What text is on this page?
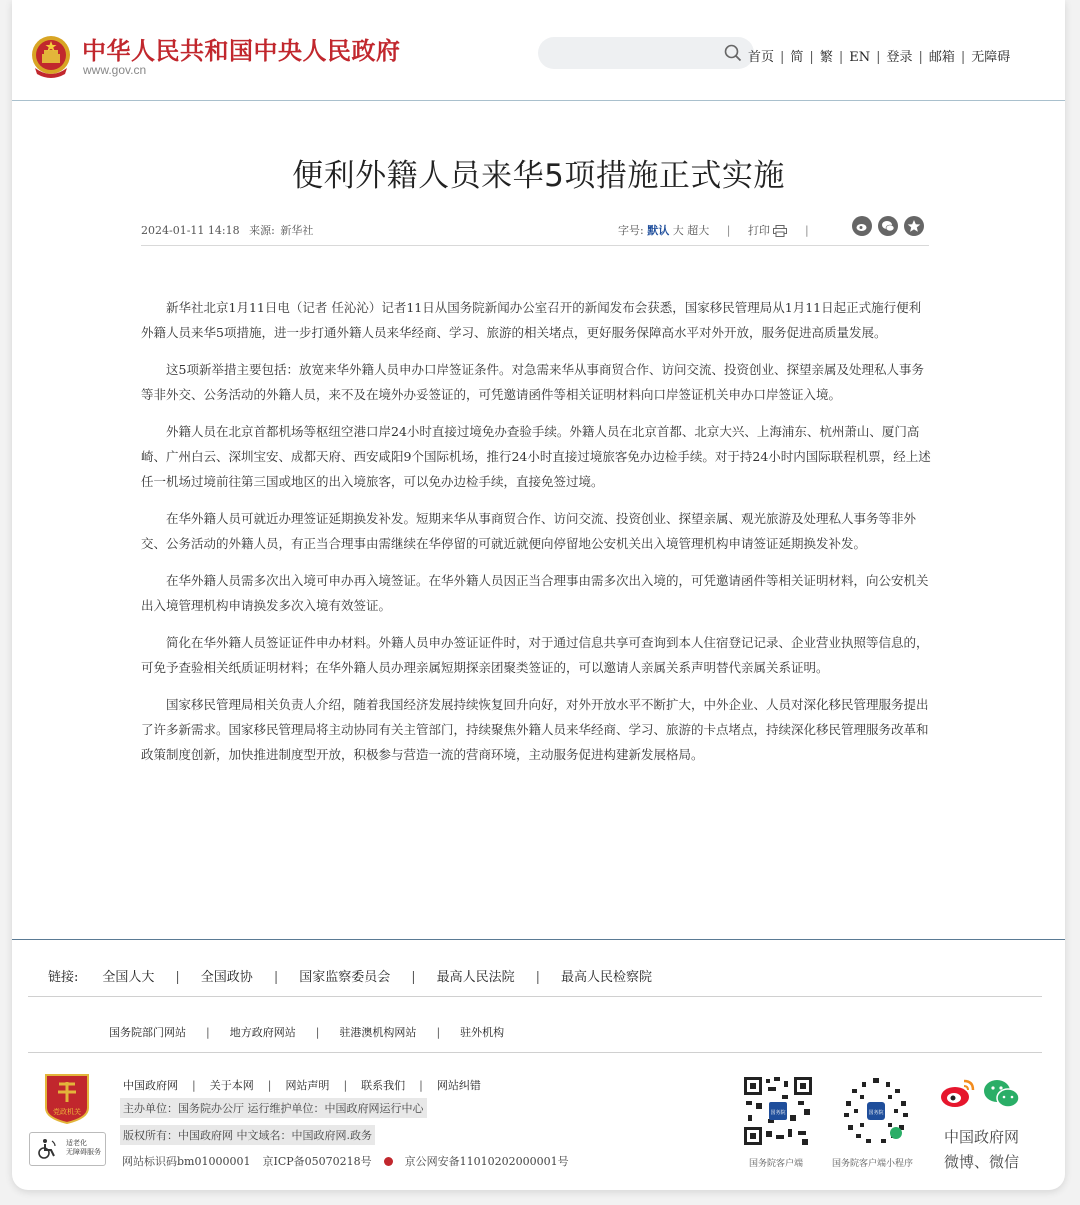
中华人民共和国中央人民政府
www.gov.cn
首页 | 简 | 繁 | EN | 登录 | 邮箱 | 无障碍
便利外籍人员来华5项措施正式实施
2024-01-11 14:18 来源: 新华社	字号: 默认 大 超大 | 打印	|

新华社北京1月11日电（记者 任沁沁）记者11日从国务院新闻办公室召开的新闻发布会获悉，国家移民管理局从1月11日起正式施行便利外籍人员来华5项措施，进一步打通外籍人员来华经商、学习、旅游的相关堵点，更好服务保障高水平对外开放，服务促进高质量发展。

这5项新举措主要包括：放宽来华外籍人员申办口岸签证条件。对急需来华从事商贸合作、访问交流、投资创业、探望亲属及处理私人事务等非外交、公务活动的外籍人员，来不及在境外办妥签证的，可凭邀请函件等相关证明材料向口岸签证机关申办口岸签证入境。

外籍人员在北京首都机场等枢纽空港口岸24小时直接过境免办查验手续。外籍人员在北京首都、北京大兴、上海浦东、杭州萧山、厦门高崎、广州白云、深圳宝安、成都天府、西安咸阳9个国际机场，推行24小时直接过境旅客免办边检手续。对于持24小时内国际联程机票，经上述任一机场过境前往第三国或地区的出入境旅客，可以免办边检手续，直接免签过境。

在华外籍人员可就近办理签证延期换发补发。短期来华从事商贸合作、访问交流、投资创业、探望亲属、观光旅游及处理私人事务等非外交、公务活动的外籍人员，有正当合理事由需继续在华停留的可就近就便向停留地公安机关出入境管理机构申请签证延期换发补发。

在华外籍人员需多次出入境可申办再入境签证。在华外籍人员因正当合理事由需多次出入境的，可凭邀请函件等相关证明材料，向公安机关出入境管理机构申请换发多次入境有效签证。

简化在华外籍人员签证证件申办材料。外籍人员申办签证证件时，对于通过信息共享可查询到本人住宿登记记录、企业营业执照等信息的，可免予查验相关纸质证明材料；在华外籍人员办理亲属短期探亲团聚类签证的，可以邀请人亲属关系声明替代亲属关系证明。

国家移民管理局相关负责人介绍，随着我国经济发展持续恢复回升向好，对外开放水平不断扩大，中外企业、人员对深化移民管理服务提出了许多新需求。国家移民管理局将主动协同有关主管部门，持续聚焦外籍人员来华经商、学习、旅游的卡点堵点，持续深化移民管理服务改革和政策制度创新，加快推进制度型开放，积极参与营造一流的营商环境，主动服务促进构建新发展格局。

链接: 全国人大 | 全国政协 | 国家监察委员会 | 最高人民法院 | 最高人民检察院
国务院部门网站 | 地方政府网站 | 驻港澳机构网站 | 驻外机构
党政机关
适老化
无障碍服务
中国政府网 | 关于本网 | 网站声明 | 联系我们 | 网站纠错
主办单位：国务院办公厅 运行维护单位：中国政府网运行中心
版权所有：中国政府网 中文域名：中国政府网.政务
网站标识码bm01000001 京ICP备05070218号	京公网安备11010202000001号
国务院
国务院客户端
国务院
国务院客户端小程序

中国政府网
微博、微信
